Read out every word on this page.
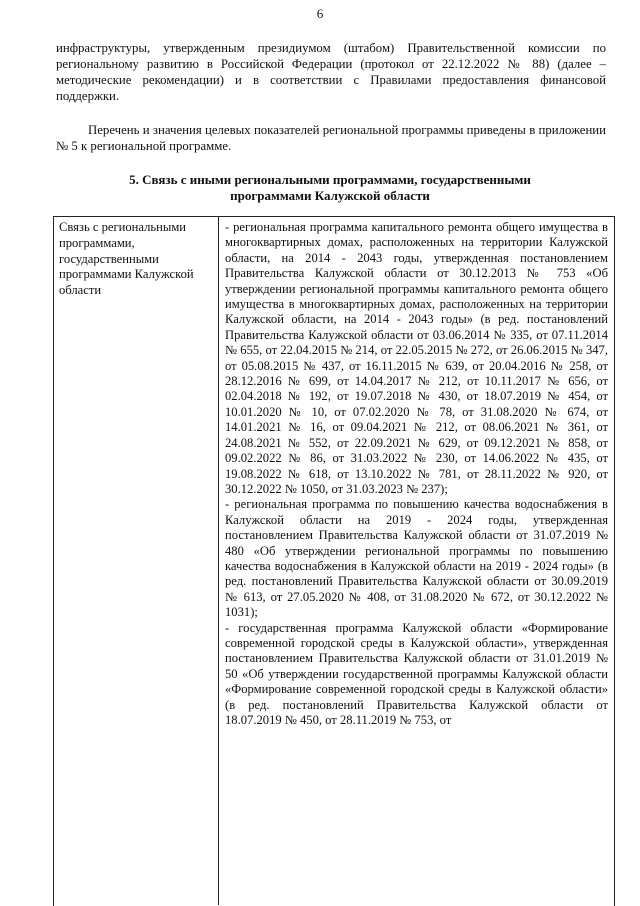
6

инфраструктуры, утвержденным президиумом (штабом) Правительственной комиссии по региональному развитию в Российской Федерации (протокол от 22.12.2022 № 88) (далее – методические рекомендации) и в соответствии с Правилами предоставления финансовой поддержки.

Перечень и значения целевых показателей региональной программы приведены в приложении № 5 к региональной программе.

5. Связь с иными региональными программами, государственными программами Калужской области

Связь с региональными программами, государственными программами Калужской области

- региональная программа капитального ремонта общего имущества в многоквартирных домах, расположенных на территории Калужской области, на 2014 - 2043 годы, утвержденная постановлением Правительства Калужской области от 30.12.2013 № 753 «Об утверждении региональной программы капитального ремонта общего имущества в многоквартирных домах, расположенных на территории Калужской области, на 2014 - 2043 годы» (в ред. постановлений Правительства Калужской области от 03.06.2014 № 335, от 07.11.2014 № 655, от 22.04.2015 № 214, от 22.05.2015 № 272, от 26.06.2015 № 347, от 05.08.2015 № 437, от 16.11.2015 № 639, от 20.04.2016 № 258, от 28.12.2016 № 699, от 14.04.2017 № 212, от 10.11.2017 № 656, от 02.04.2018 № 192, от 19.07.2018 № 430, от 18.07.2019 № 454, от 10.01.2020 № 10, от 07.02.2020 № 78, от 31.08.2020 № 674, от 14.01.2021 № 16, от 09.04.2021 № 212, от 08.06.2021 № 361, от 24.08.2021 № 552, от 22.09.2021 № 629, от 09.12.2021 № 858, от 09.02.2022 № 86, от 31.03.2022 № 230, от 14.06.2022 № 435, от 19.08.2022 № 618, от 13.10.2022 № 781, от 28.11.2022 № 920, от 30.12.2022 № 1050, от 31.03.2023 № 237);

- региональная программа по повышению качества водоснабжения в Калужской области на 2019 - 2024 годы, утвержденная постановлением Правительства Калужской области от 31.07.2019 № 480 «Об утверждении региональной программы по повышению качества водоснабжения в Калужской области на 2019 - 2024 годы» (в ред. постановлений Правительства Калужской области от 30.09.2019 № 613, от 27.05.2020 № 408, от 31.08.2020 № 672, от 30.12.2022 № 1031);

- государственная программа Калужской области «Формирование современной городской среды в Калужской области», утвержденная постановлением Правительства Калужской области от 31.01.2019 № 50 «Об утверждении государственной программы Калужской области «Формирование современной городской среды в Калужской области» (в ред. постановлений Правительства Калужской области от 18.07.2019 № 450, от 28.11.2019 № 753, от
